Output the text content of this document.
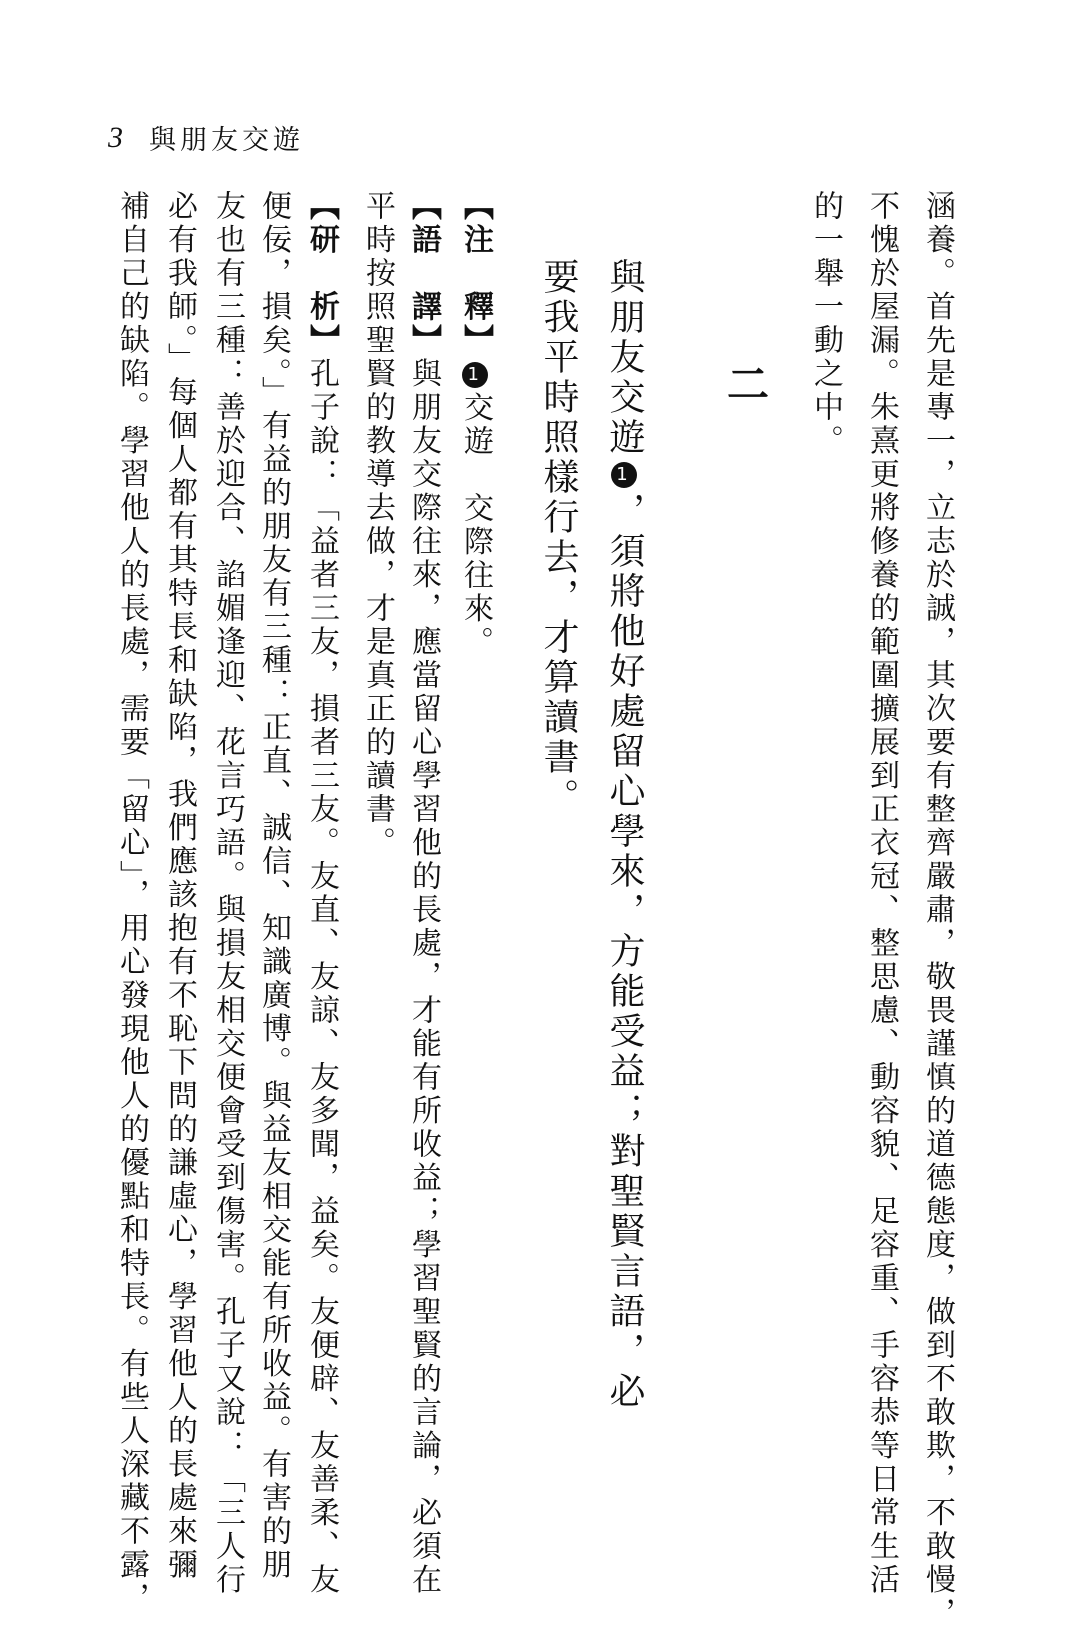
3 與朋友交遊
涵養。首先是專一，立志於誠，其次要有整齊嚴肅，敬畏謹慎的道德態度，做到不敢欺，不敢慢，
不愧於屋漏。朱熹更將修養的範圍擴展到正衣冠、整思慮、動容貌、足容重、手容恭等日常生活
的一舉一動之中。
二
與朋友交遊1，須將他好處留心學來，方能受益；對聖賢言語，必
要我平時照樣行去，才算讀書。
【注　釋】1交遊　交際往來。
【語　譯】與朋友交際往來，應當留心學習他的長處，才能有所收益；學習聖賢的言論，必須在
平時按照聖賢的教導去做，才是真正的讀書。
【研　析】孔子說：「益者三友，損者三友。友直、友諒、友多聞，益矣。友便辟、友善柔、友
便佞，損矣。」有益的朋友有三種：正直、誠信、知識廣博。與益友相交能有所收益。有害的朋
友也有三種：善於迎合、諂媚逢迎、花言巧語。與損友相交便會受到傷害。孔子又說：「三人行
必有我師。」每個人都有其特長和缺陷，我們應該抱有不恥下問的謙虛心，學習他人的長處來彌
補自己的缺陷。學習他人的長處，需要「留心」，用心發現他人的優點和特長。有些人深藏不露，
